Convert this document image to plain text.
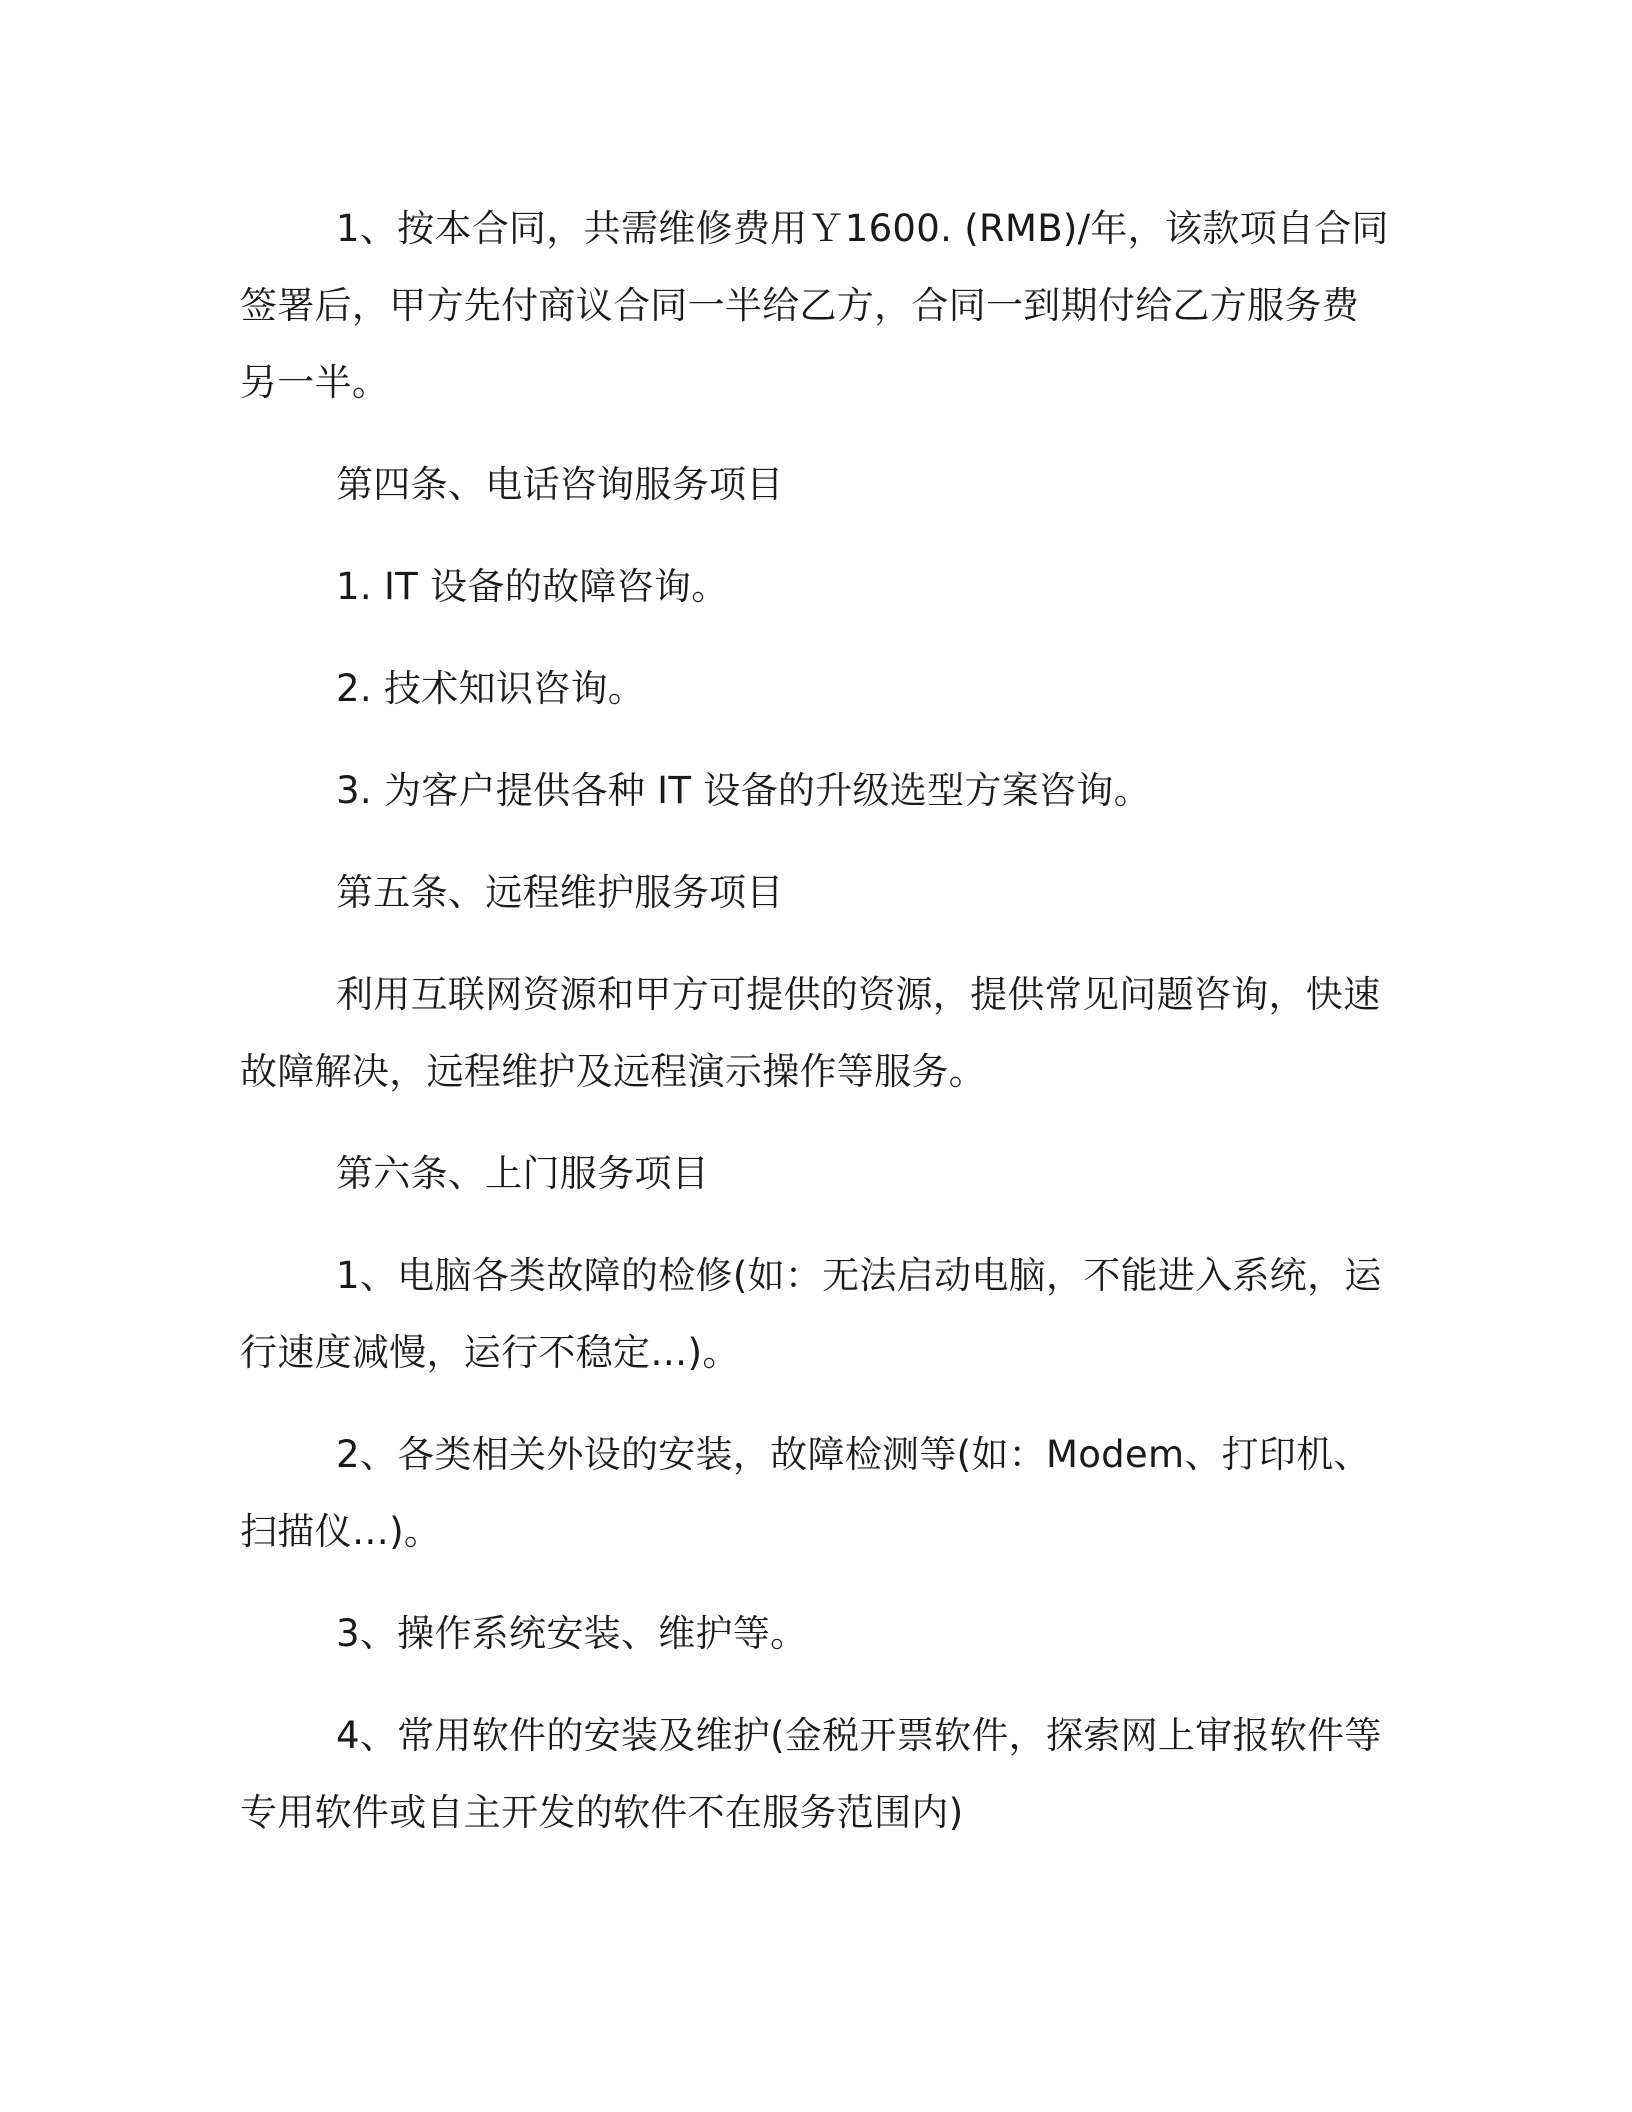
1、按本合同，共需维修费用Ｙ1600. (RMB)/年，该款项自合同签署后，甲方先付商议合同一半给乙方，合同一到期付给乙方服务费另一半。

第四条、电话咨询服务项目

1. IT 设备的故障咨询。

2. 技术知识咨询。

3. 为客户提供各种 IT 设备的升级选型方案咨询。

第五条、远程维护服务项目

利用互联网资源和甲方可提供的资源，提供常见问题咨询，快速故障解决，远程维护及远程演示操作等服务。

第六条、上门服务项目

1、电脑各类故障的检修(如：无法启动电脑，不能进入系统，运行速度减慢，运行不稳定…)。

2、各类相关外设的安装，故障检测等(如：Modem、打印机、扫描仪…)。

3、操作系统安装、维护等。

4、常用软件的安装及维护(金税开票软件，探索网上审报软件等专用软件或自主开发的软件不在服务范围内)
